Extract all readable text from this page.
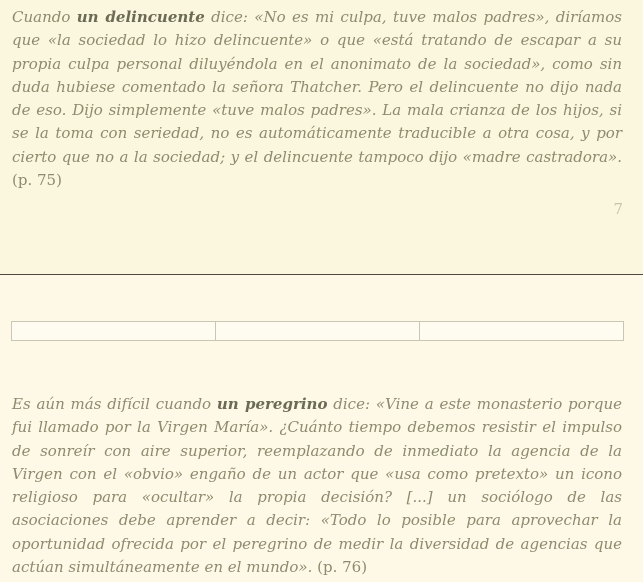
Cuando un delincuente dice: «No es mi culpa, tuve malos padres», diríamos que «la sociedad lo hizo delincuente» o que «está tratando de escapar a su propia culpa personal diluyéndola en el anonimato de la sociedad», como sin duda hubiese comentado la señora Thatcher. Pero el delincuente no dijo nada de eso. Dijo simplemente «tuve malos padres». La mala crianza de los hijos, si se la toma con seriedad, no es automáticamente traducible a otra cosa, y por cierto que no a la sociedad; y el delincuente tampoco dijo «madre castradora». (p. 75)

7

Es aún más difícil cuando un peregrino dice: «Vine a este monasterio porque fui llamado por la Virgen María». ¿Cuánto tiempo debemos resistir el impulso de sonreír con aire superior, reemplazando de inmediato la agencia de la Virgen con el «obvio» engaño de un actor que «usa como pretexto» un icono religioso para «ocultar» la propia decisión? [...] un sociólogo de las asociaciones debe aprender a decir: «Todo lo posible para aprovechar la oportunidad ofrecida por el peregrino de medir la diversidad de agencias que actúan simultáneamente en el mundo». (p. 76)
